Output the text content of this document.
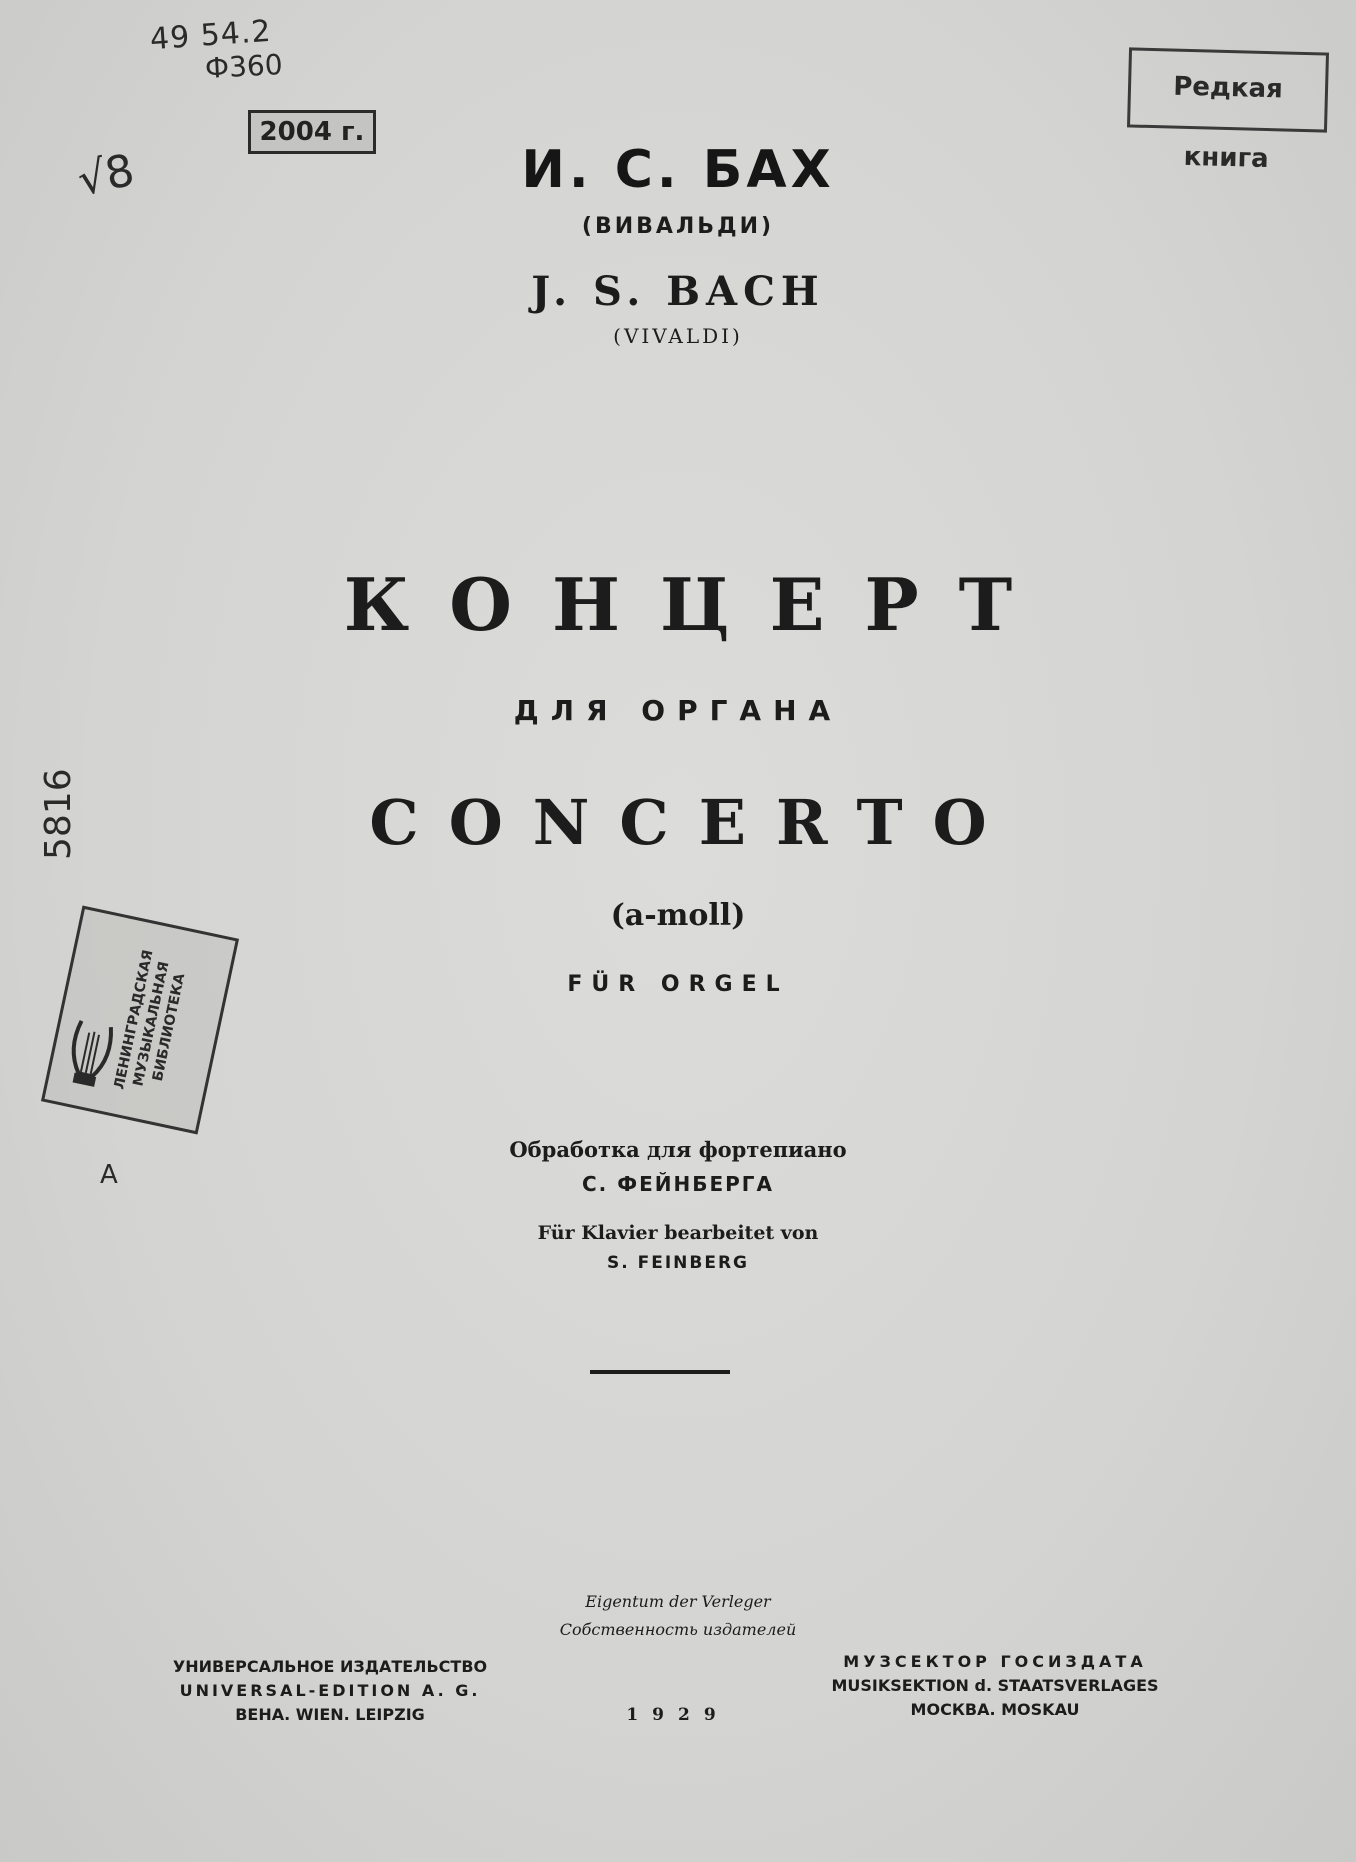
49 54.2
Ф360
√8
5816
A
2004 г.
Редкая книга
ЛЕНИНГРАДСКАЯ МУЗЫКАЛЬНАЯ БИБЛИОТЕКА
И. С. БАХ
(ВИВАЛЬДИ)
J. S. BACH
(VIVALDI)
КОНЦЕРТ
ДЛЯ ОРГАНА
CONCERTO
(a-moll)
FÜR ORGEL
Обработка для фортепиано
С. ФЕЙНБЕРГА
Für Klavier bearbeitet von
S. FEINBERG
Eigentum der Verleger
Собственность издателей
УНИВЕРСАЛЬНОЕ ИЗДАТЕЛЬСТВО
UNIVERSAL-EDITION A. G.
ВЕНА. WIEN. LEIPZIG	1929
МУЗСЕКТОР ГОСИЗДАТА
MUSIKSEKTION d. STAATSVERLAGES
МОСКВА. MOSKAU
